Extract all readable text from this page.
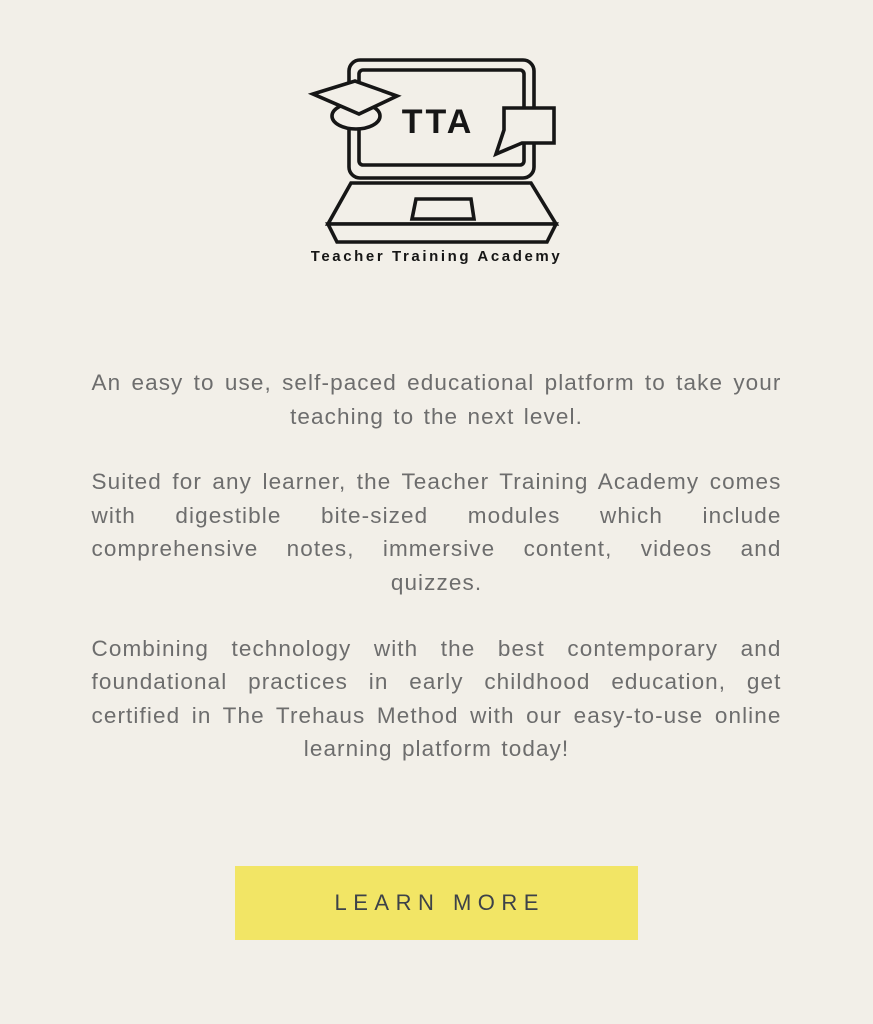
TTA
Teacher Training Academy

An easy to use, self-paced educational platform to take your teaching to the next level.

Suited for any learner, the Teacher Training Academy comes with digestible bite-sized modules which include comprehensive notes, immersive content, videos and quizzes.

Combining technology with the best contemporary and foundational practices in early childhood education, get certified in The Trehaus Method with our easy-to-use online learning platform today!

LEARN MORE
